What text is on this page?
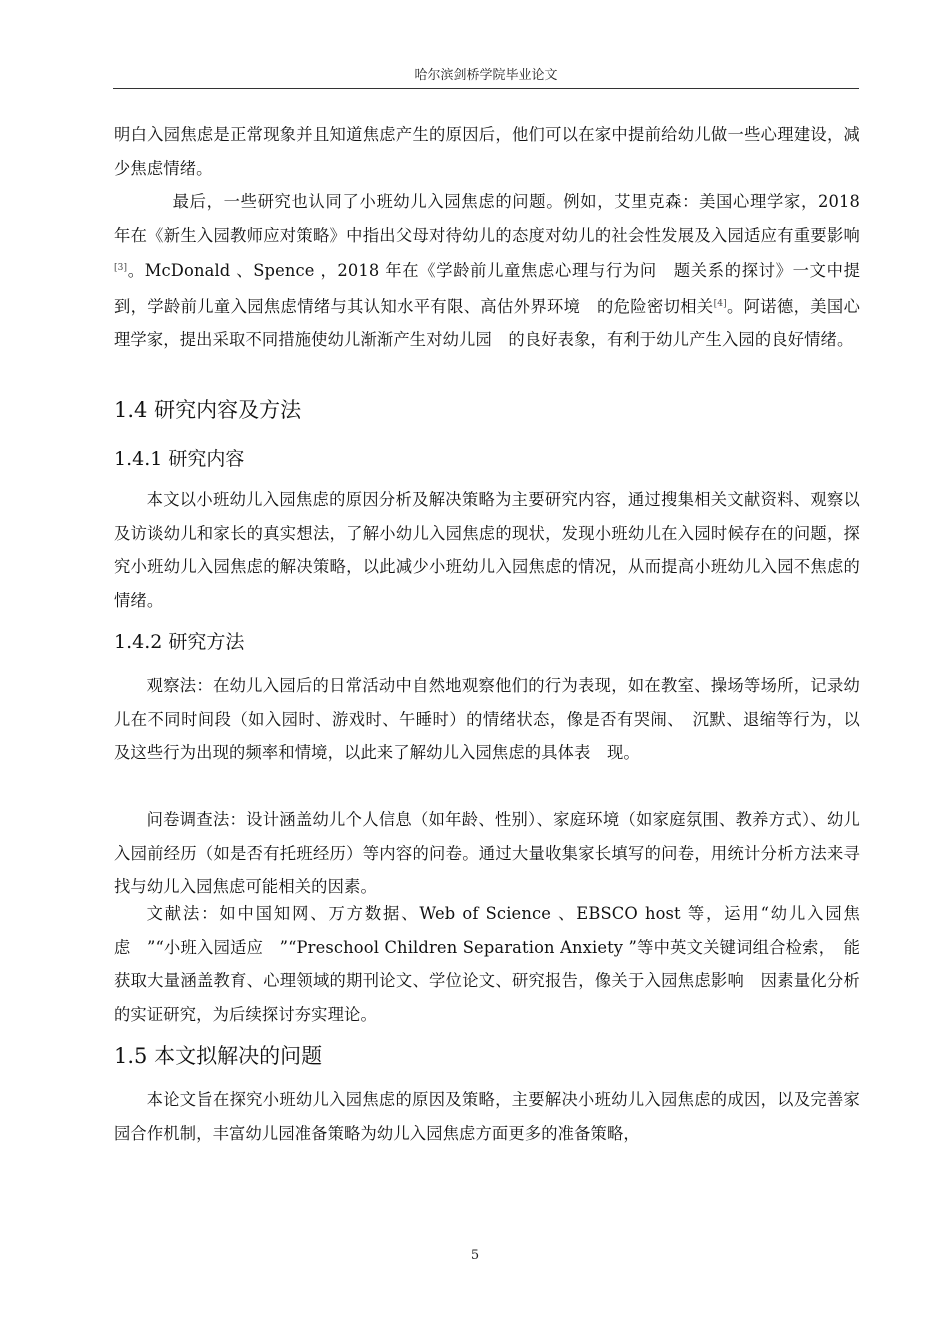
哈尔滨剑桥学院毕业论文
明白入园焦虑是正常现象并且知道焦虑产生的原因后，他们可以在家中提前给幼儿做一些心理建设，减少焦虑情绪。
最后，一些研究也认同了小班幼儿入园焦虑的问题。例如，艾里克森：美国心理学家，2018 年在《新生入园教师应对策略》中指出父母对待幼儿的态度对幼儿的社会性发展及入园适应有重要影响[3]。McDonald 、Spence ，2018 年在《学龄前儿童焦虑心理与行为问　题关系的探讨》一文中提到，学龄前儿童入园焦虑情绪与其认知水平有限、高估外界环境　的危险密切相关[4]。阿诺德，美国心理学家，提出采取不同措施使幼儿渐渐产生对幼儿园　的良好表象，有利于幼儿产生入园的良好情绪。
1.4 研究内容及方法
1.4.1 研究内容
本文以小班幼儿入园焦虑的原因分析及解决策略为主要研究内容，通过搜集相关文献资料、观察以及访谈幼儿和家长的真实想法，了解小幼儿入园焦虑的现状，发现小班幼儿在入园时候存在的问题，探究小班幼儿入园焦虑的解决策略，以此减少小班幼儿入园焦虑的情况，从而提高小班幼儿入园不焦虑的情绪。
1.4.2 研究方法
观察法：在幼儿入园后的日常活动中自然地观察他们的行为表现，如在教室、操场等场所，记录幼儿在不同时间段（如入园时、游戏时、午睡时）的情绪状态，像是否有哭闹、　沉默、退缩等行为，以及这些行为出现的频率和情境，以此来了解幼儿入园焦虑的具体表　现。
问卷调查法：设计涵盖幼儿个人信息（如年龄、性别）、家庭环境（如家庭氛围、教养方式）、幼儿入园前经历（如是否有托班经历）等内容的问卷。通过大量收集家长填写的问卷，用统计分析方法来寻找与幼儿入园焦虑可能相关的因素。
文献法：如中国知网、万方数据、Web of Science 、EBSCO host 等，运用“幼儿入园焦虑　”“小班入园适应　”“Preschool Children Separation Anxiety ”等中英文关键词组合检索，　能获取大量涵盖教育、心理领域的期刊论文、学位论文、研究报告，像关于入园焦虑影响　因素量化分析的实证研究，为后续探讨夯实理论。
1.5 本文拟解决的问题
本论文旨在探究小班幼儿入园焦虑的原因及策略，主要解决小班幼儿入园焦虑的成因，以及完善家园合作机制，丰富幼儿园准备策略为幼儿入园焦虑方面更多的准备策略，
5
